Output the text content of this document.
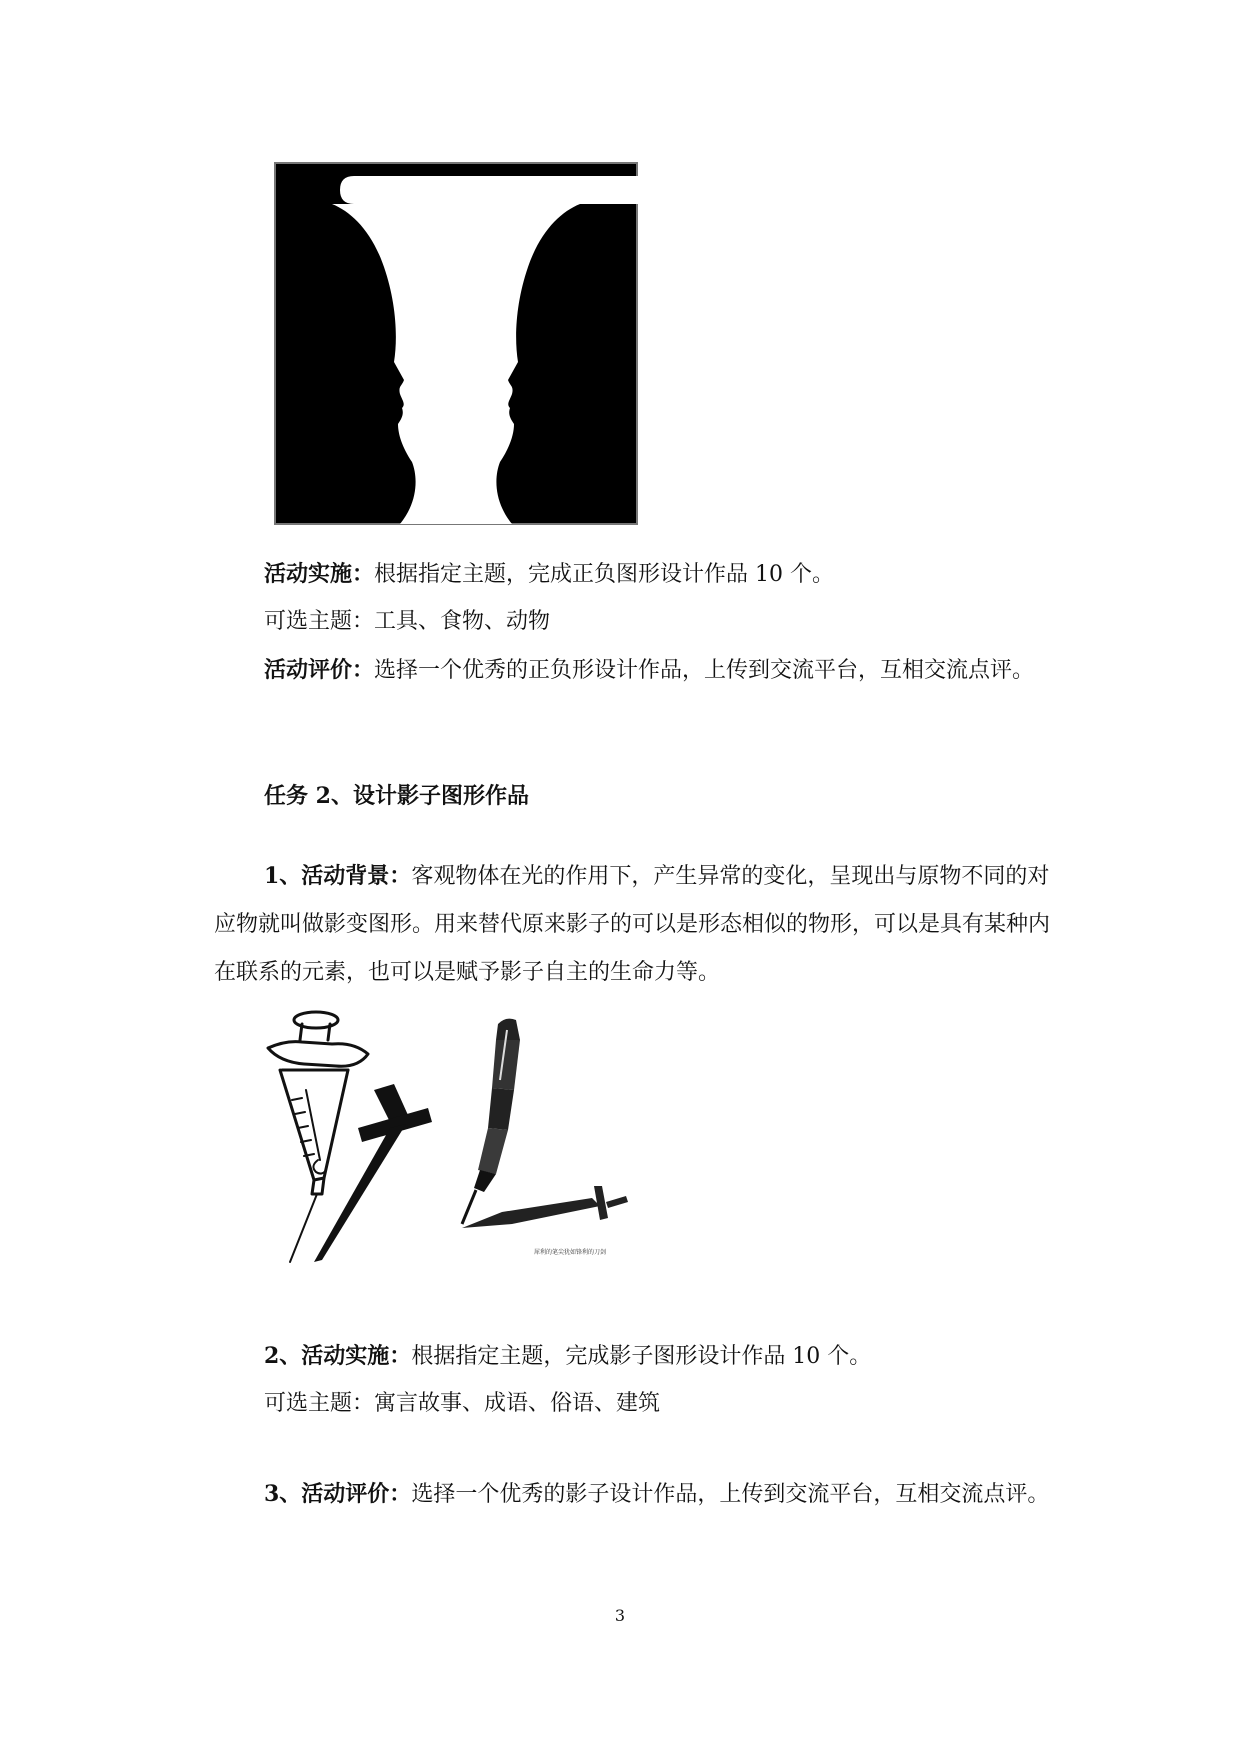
活动实施：根据指定主题，完成正负图形设计作品 10 个。

可选主题：工具、食物、动物

活动评价：选择一个优秀的正负形设计作品，上传到交流平台，互相交流点评。

任务 2、设计影子图形作品

1、活动背景：客观物体在光的作用下，产生异常的变化，呈现出与原物不同的对应物就叫做影变图形。用来替代原来影子的可以是形态相似的物形，可以是具有某种内在联系的元素，也可以是赋予影子自主的生命力等。

犀利的笔尖犹如锋利的刀剑

2、活动实施：根据指定主题，完成影子图形设计作品 10 个。

可选主题：寓言故事、成语、俗语、建筑

3、活动评价：选择一个优秀的影子设计作品，上传到交流平台，互相交流点评。

3
